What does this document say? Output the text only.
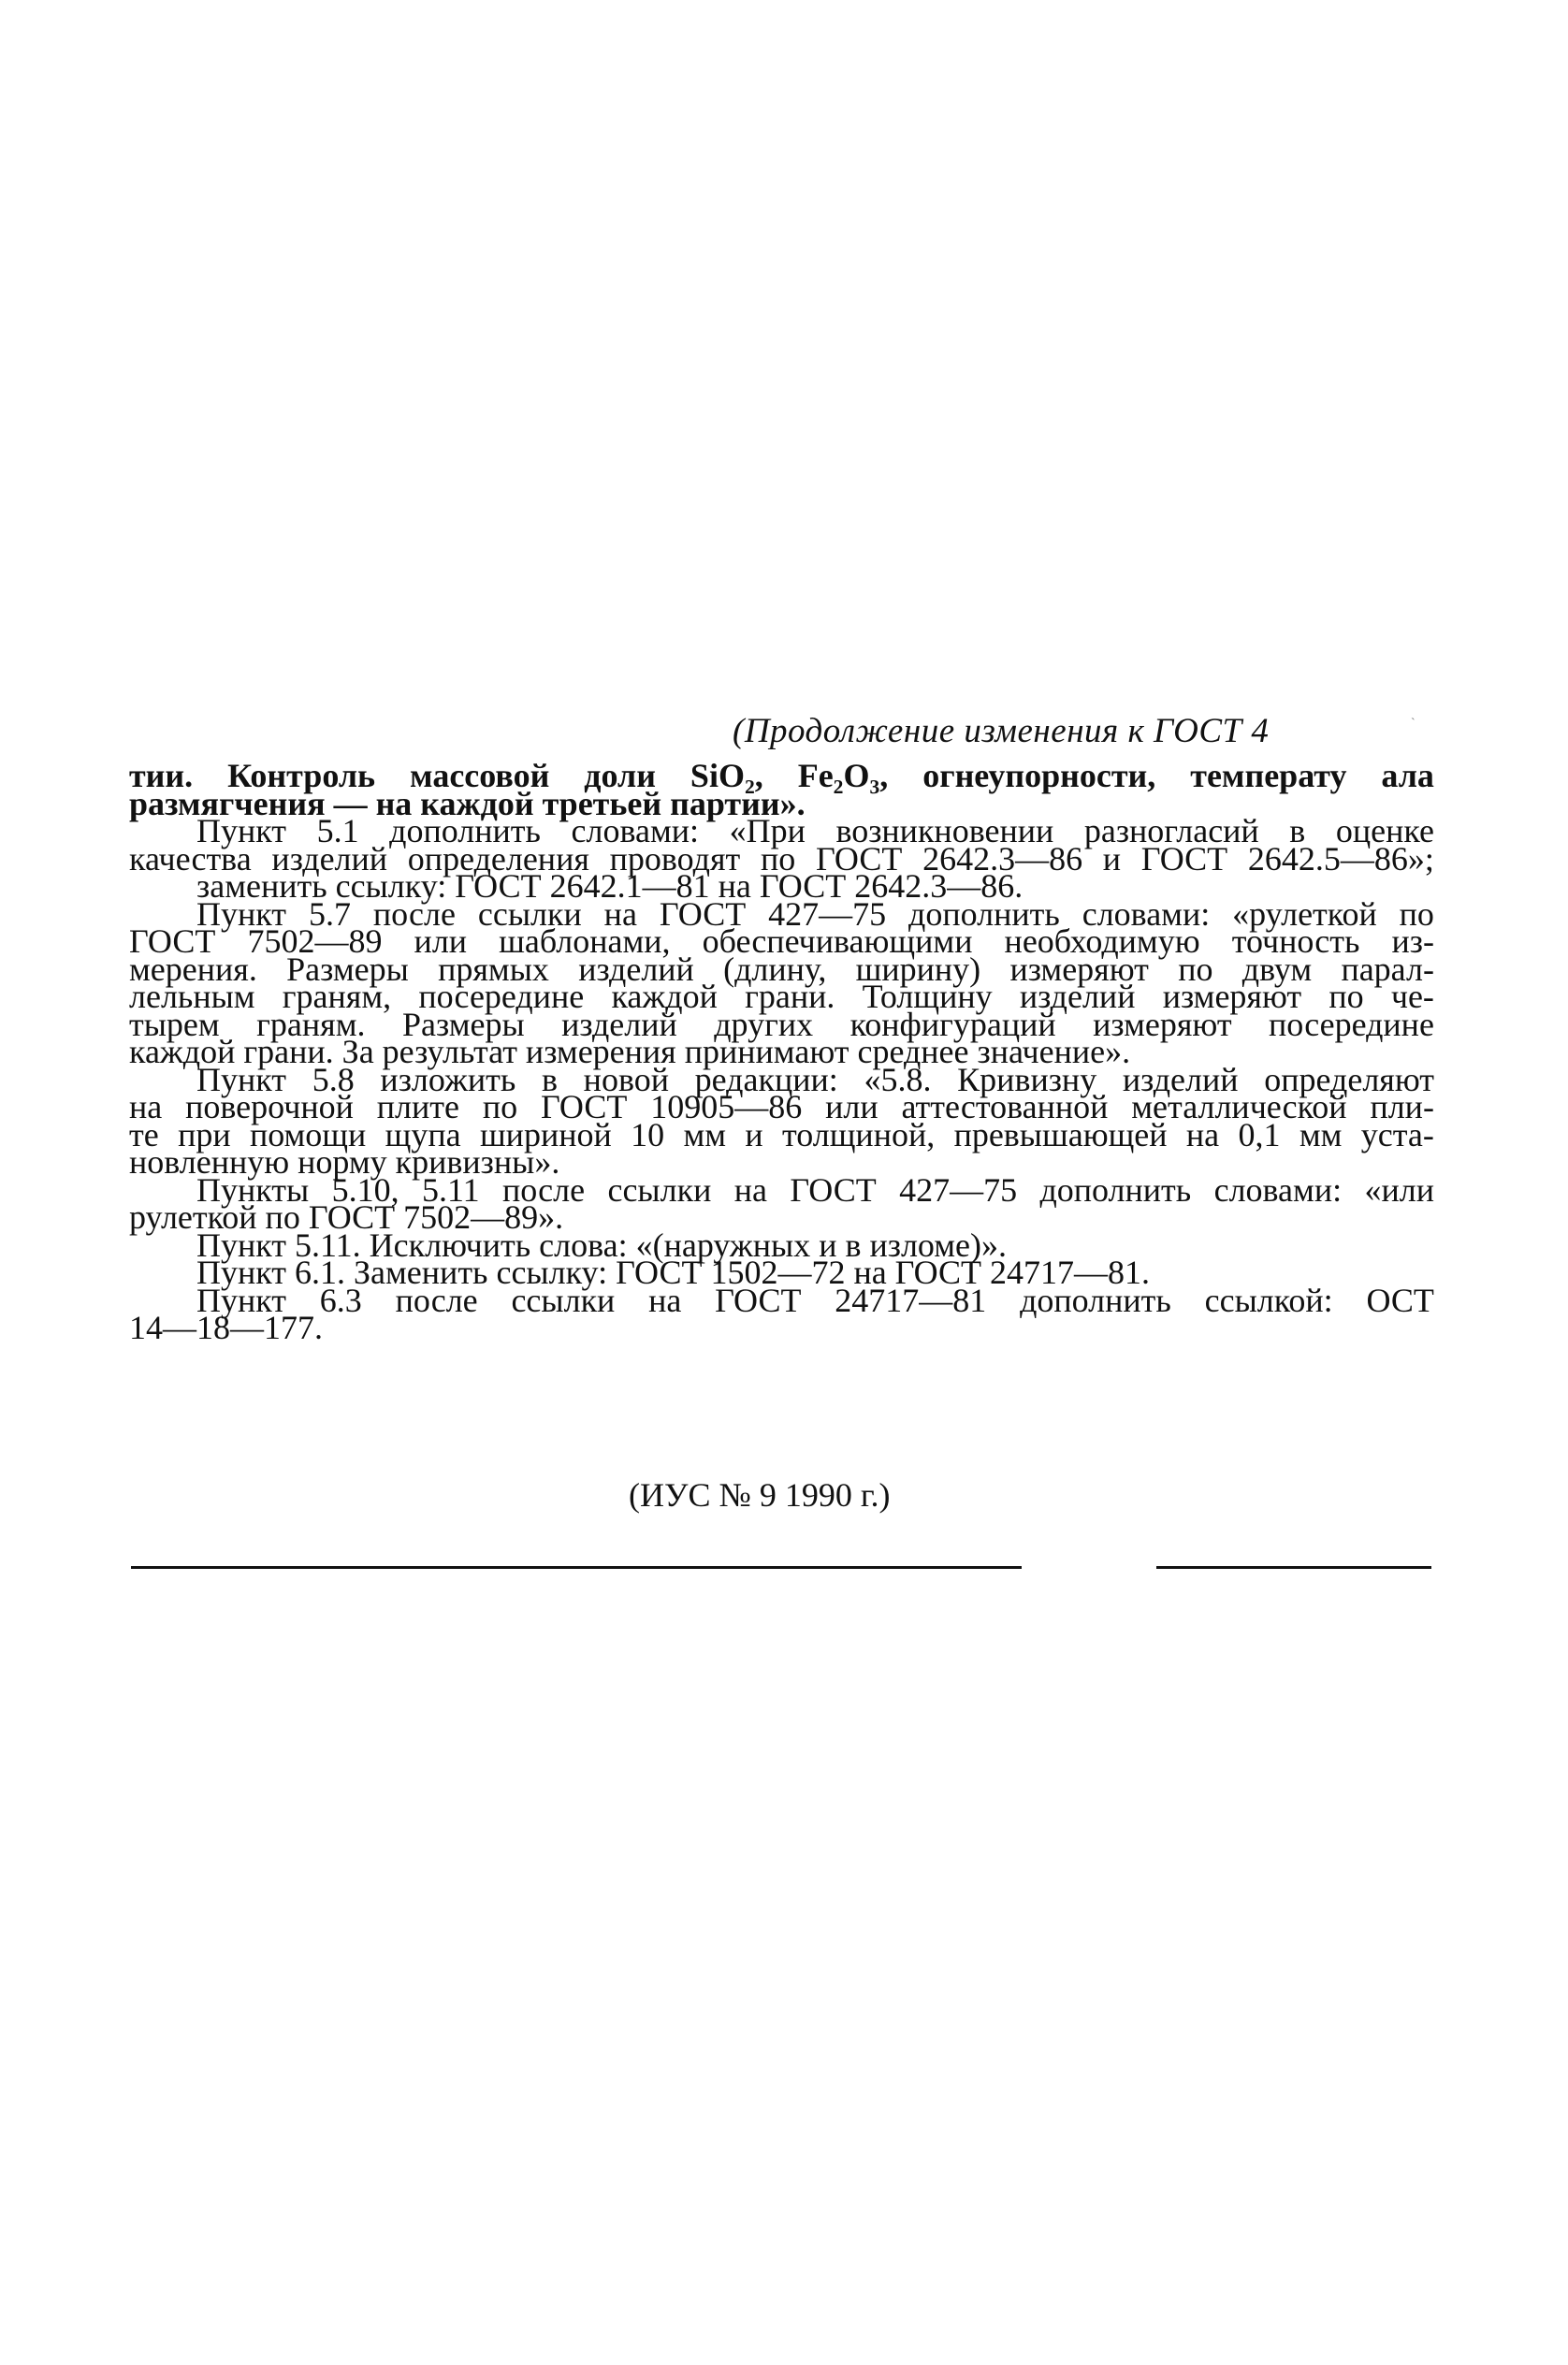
(Продолжение изменения к ГОСТ 4	`
тии. Контроль массовой доли SiO₂, Fe₂O₃, огнеупорности, температу ала
размягчения — на каждой третьей партии».
Пункт 5.1 дополнить словами: «При возникновении разногласий в оценке
качества изделий определения проводят по ГОСТ 2642.3—86 и ГОСТ 2642.5—86»;
заменить ссылку: ГОСТ 2642.1—81 на ГОСТ 2642.3—86.
Пункт 5.7 после ссылки на ГОСТ 427—75 дополнить словами: «рулеткой по
ГОСТ 7502—89 или шаблонами, обеспечивающими необходимую точность из-
мерения. Размеры прямых изделий (длину, ширину) измеряют по двум парал-
лельным граням, посередине каждой грани. Толщину изделий измеряют по че-
тырем граням. Размеры изделий других конфигураций измеряют посередине
каждой грани. За результат измерения принимают среднее значение».
Пункт 5.8 изложить в новой редакции: «5.8. Кривизну изделий определяют
на поверочной плите по ГОСТ 10905—86 или аттестованной металлической пли-
те при помощи щупа шириной 10 мм и толщиной, превышающей на 0,1 мм уста-
новленную норму кривизны».
Пункты 5.10, 5.11 после ссылки на ГОСТ 427—75 дополнить словами: «или
рулеткой по ГОСТ 7502—89».
Пункт 5.11. Исключить слова: «(наружных и в изломе)».
Пункт 6.1. Заменить ссылку: ГОСТ 1502—72 на ГОСТ 24717—81.
Пункт 6.3 после ссылки на ГОСТ 24717—81 дополнить ссылкой: ОСТ
14—18—177.
(ИУС № 9 1990 г.)
